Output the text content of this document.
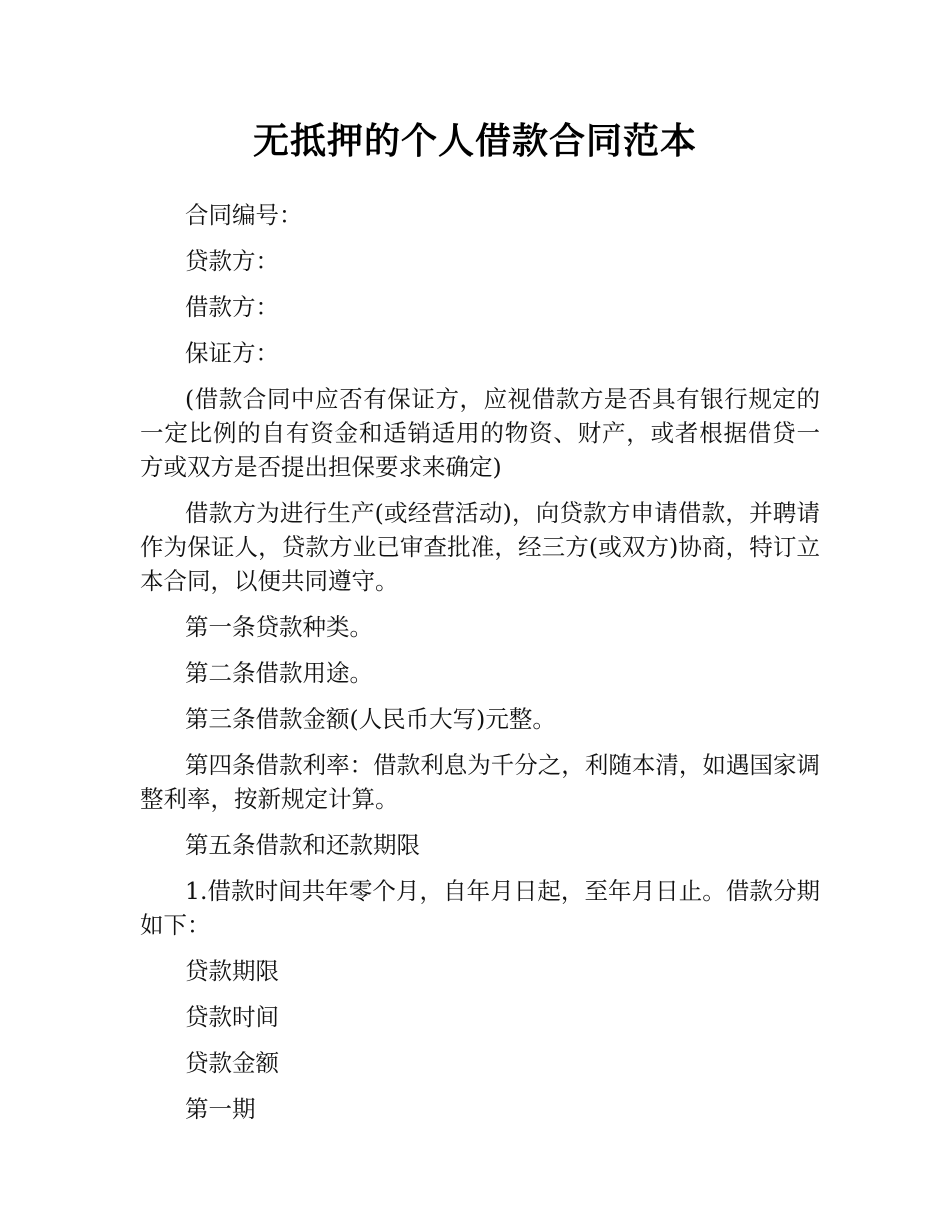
无抵押的个人借款合同范本

合同编号：

贷款方：

借款方：

保证方：

(借款合同中应否有保证方，应视借款方是否具有银行规定的一定比例的自有资金和适销适用的物资、财产，或者根据借贷一方或双方是否提出担保要求来确定)

借款方为进行生产(或经营活动)，向贷款方申请借款，并聘请作为保证人，贷款方业已审查批准，经三方(或双方)协商，特订立本合同，以便共同遵守。

第一条贷款种类。

第二条借款用途。

第三条借款金额(人民币大写)元整。

第四条借款利率：借款利息为千分之，利随本清，如遇国家调整利率，按新规定计算。

第五条借款和还款期限

1.借款时间共年零个月，自年月日起，至年月日止。借款分期如下：

贷款期限

贷款时间

贷款金额

第一期
